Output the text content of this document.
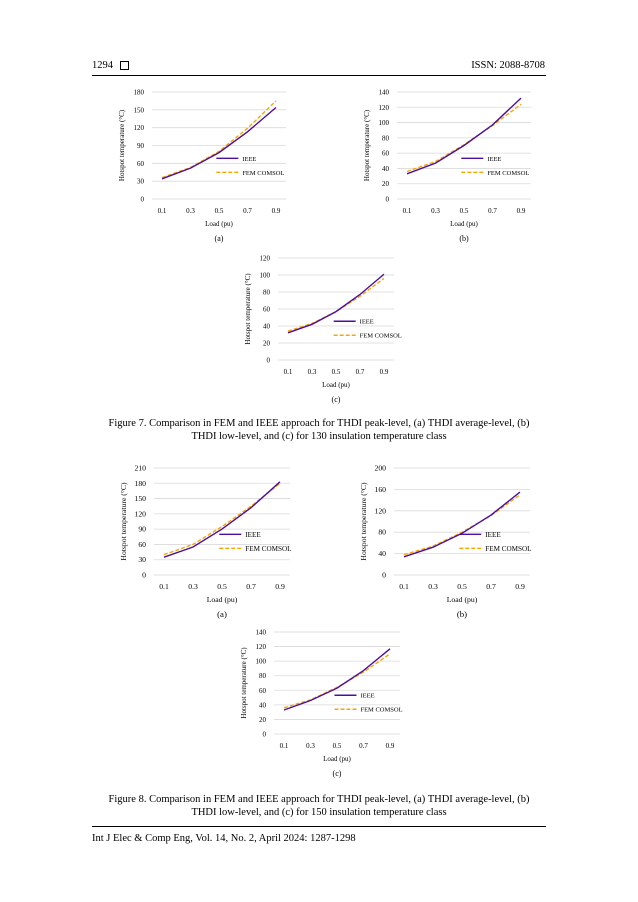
1294	ISSN: 2088-8708
0
30
60
90
120
150
180
0.1	0.3	0.5	0.7	0.9
Load (pu)
Hotspot temperature (°C)
(a)
IEEE
FEM COMSOL
0
20
40
60
80
100
120
140
0.1	0.3	0.5	0.7	0.9
Load (pu)
Hotspot temperature (°C)
(b)
IEEE
FEM COMSOL
0
20
40
60
80
100
120
0.1 0.3 0.5 0.7 0.9
Load (pu)
Hotspot temperature (°C)
(c)
IEEE
FEM COMSOL
Figure 7. Comparison in FEM and IEEE approach for THDI peak-level, (a) THDI average-level, (b) THDI low-level, and (c) for 130 insulation temperature class
0
30
60
90
120
150
180
210
0.1	0.3	0.5	0.7	0.9
Load (pu)
Hotspot temperature (°C)
(a)
IEEE
FEM COMSOL
0
40
80
120
160
200
0.1	0.3	0.5	0.7	0.9
Load (pu)
Hotspot temperature (°C)
(b)
IEEE
FEM COMSOL
0
20
40
60
80
100
120
140
0.1	0.3	0.5	0.7	0.9
Load (pu)
Hotspot temperature (°C)
(c)
IEEE
FEM COMSOL
Figure 8. Comparison in FEM and IEEE approach for THDI peak-level, (a) THDI average-level, (b) THDI low-level, and (c) for 150 insulation temperature class
Int J Elec & Comp Eng, Vol. 14, No. 2, April 2024: 1287-1298
